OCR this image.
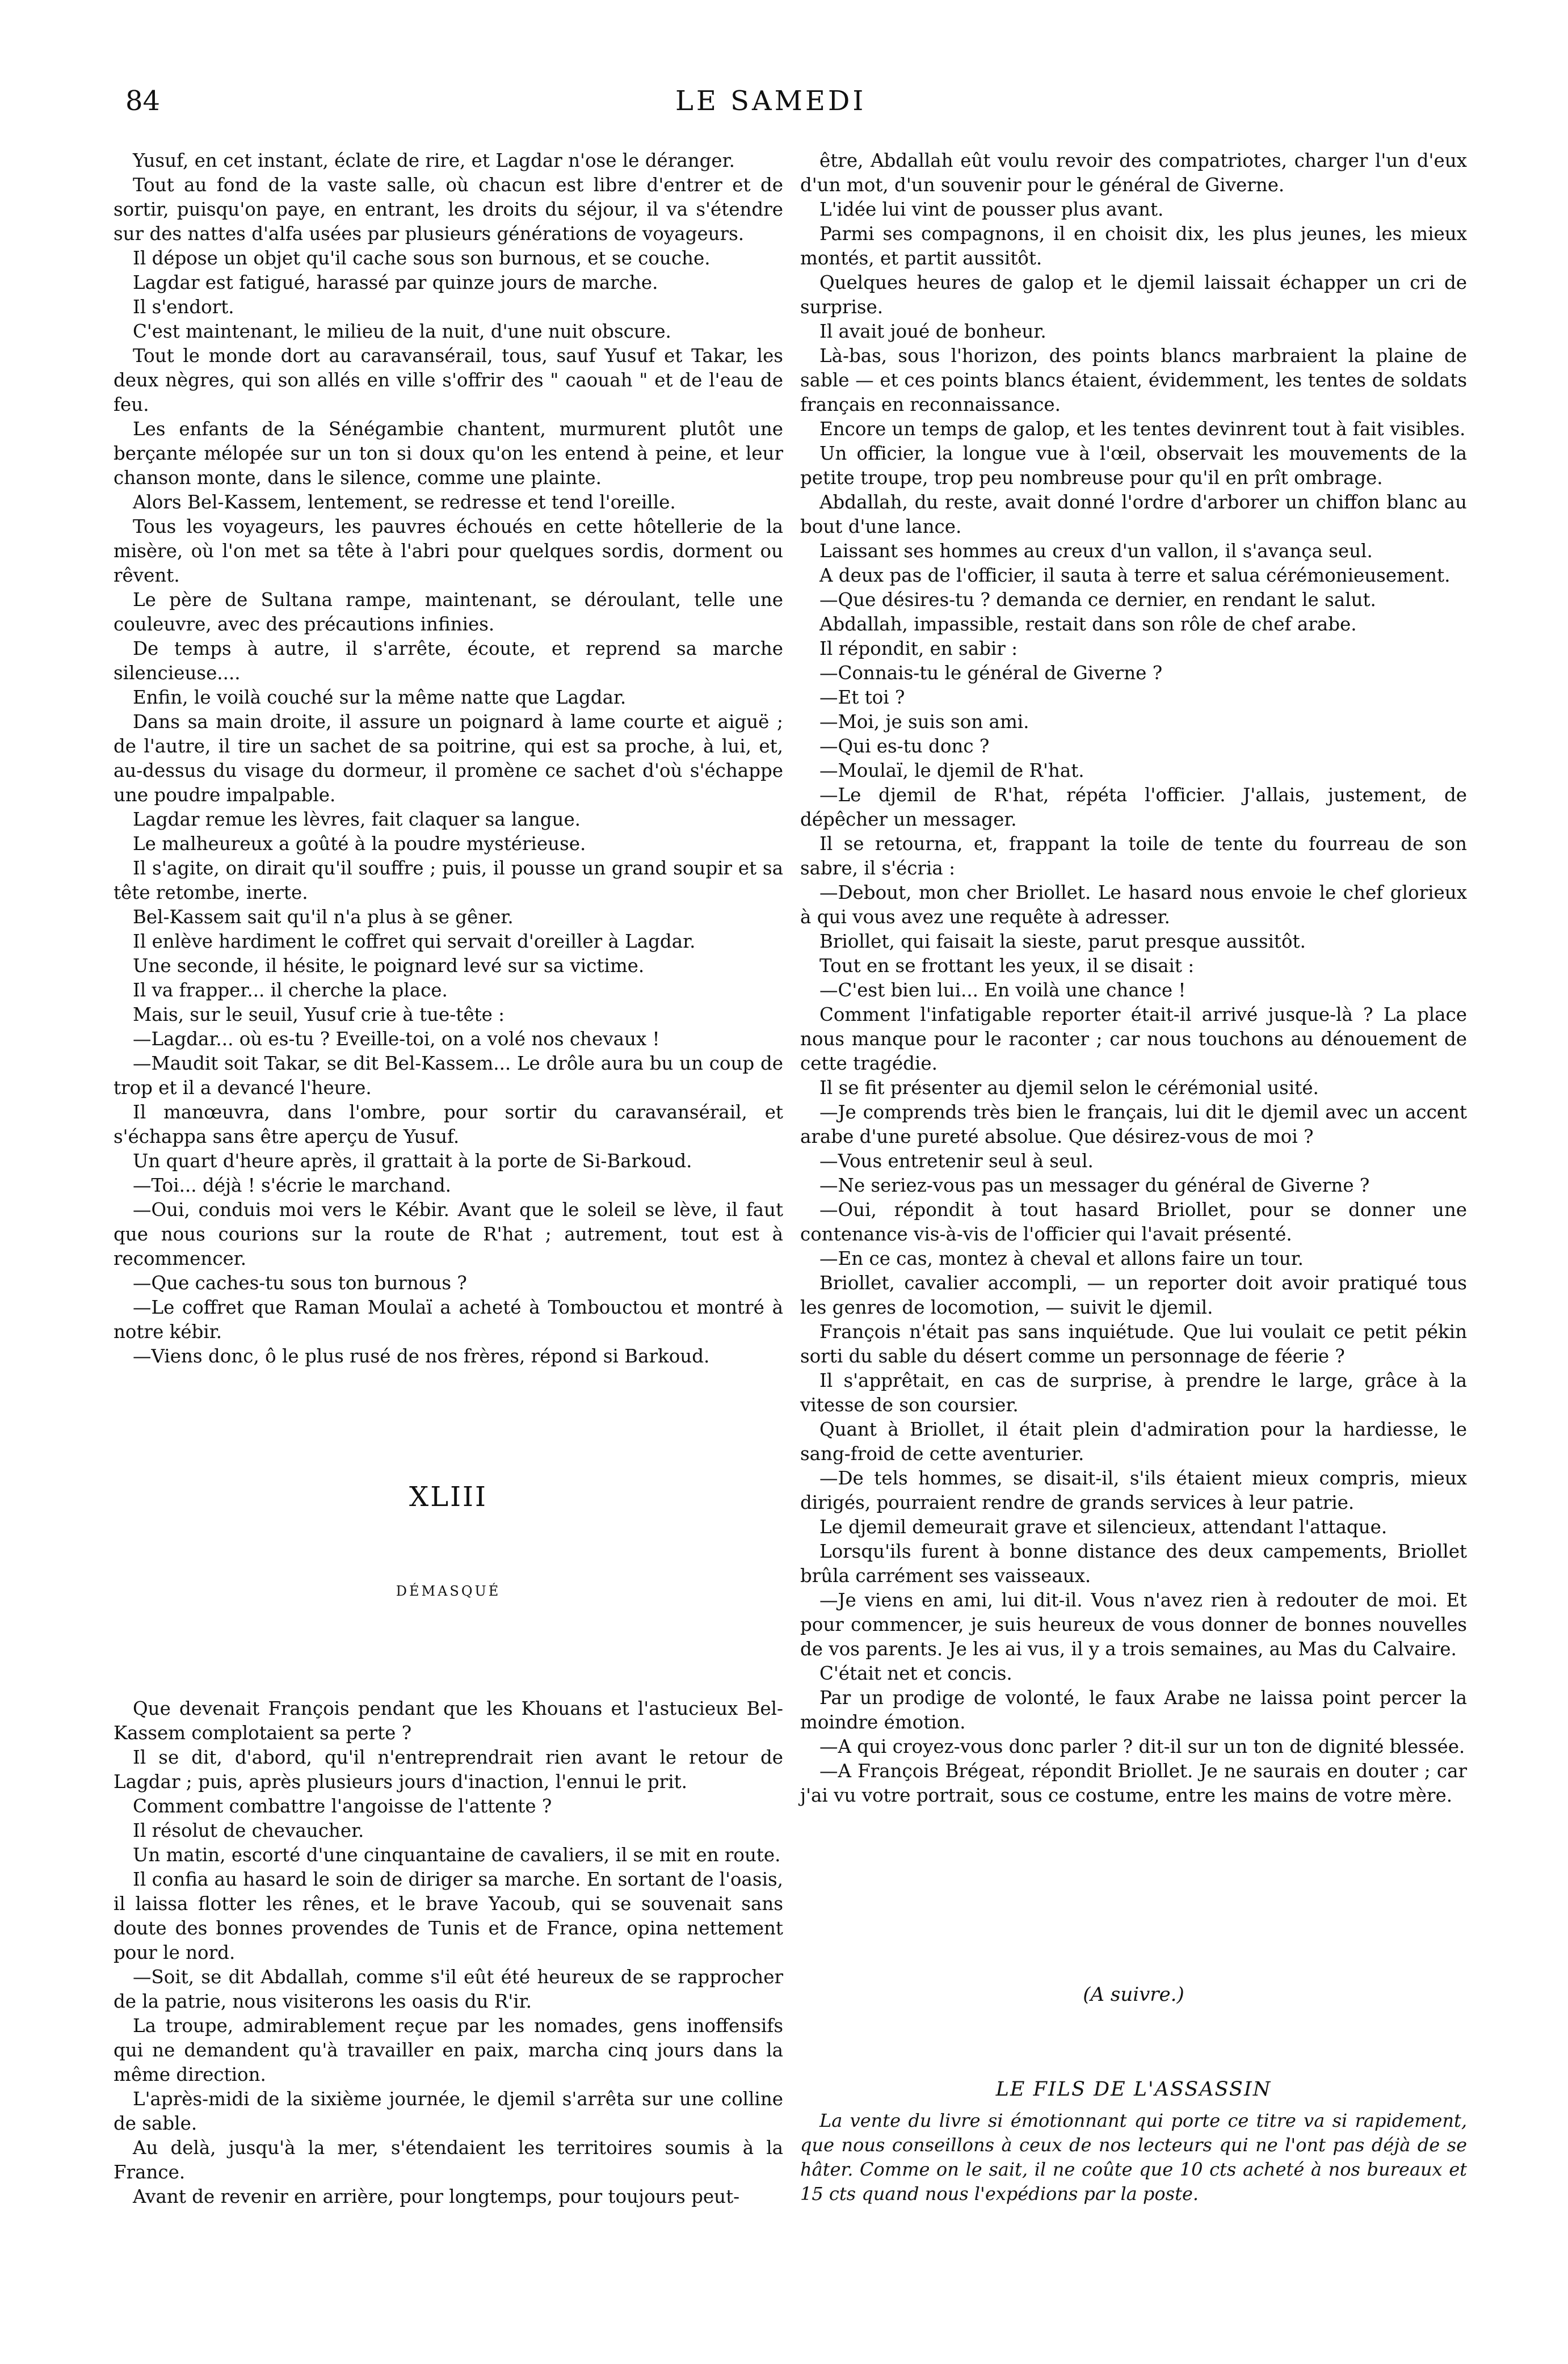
84	LE SAMEDI

Yusuf, en cet instant, éclate de rire, et Lagdar n'ose le déranger.

Tout au fond de la vaste salle, où chacun est libre d'entrer et de sortir, puisqu'on paye, en entrant, les droits du séjour, il va s'étendre sur des nattes d'alfa usées par plusieurs générations de voyageurs.

Il dépose un objet qu'il cache sous son burnous, et se couche.

Lagdar est fatigué, harassé par quinze jours de marche.

Il s'endort.

C'est maintenant, le milieu de la nuit, d'une nuit obscure.

Tout le monde dort au caravansérail, tous, sauf Yusuf et Takar, les deux nègres, qui son allés en ville s'offrir des " caouah " et de l'eau de feu.

Les enfants de la Sénégambie chantent, murmurent plutôt une berçante mélopée sur un ton si doux qu'on les entend à peine, et leur chanson monte, dans le silence, comme une plainte.

Alors Bel-Kassem, lentement, se redresse et tend l'oreille.

Tous les voyageurs, les pauvres échoués en cette hôtellerie de la misère, où l'on met sa tête à l'abri pour quelques sordis, dorment ou rêvent.

Le père de Sultana rampe, maintenant, se déroulant, telle une couleuvre, avec des précautions infinies.

De temps à autre, il s'arrête, écoute, et reprend sa marche silencieuse....

Enfin, le voilà couché sur la même natte que Lagdar.

Dans sa main droite, il assure un poignard à lame courte et aiguë ; de l'autre, il tire un sachet de sa poitrine, qui est sa proche, à lui, et, au-dessus du visage du dormeur, il promène ce sachet d'où s'échappe une poudre impalpable.

Lagdar remue les lèvres, fait claquer sa langue.

Le malheureux a goûté à la poudre mystérieuse.

Il s'agite, on dirait qu'il souffre ; puis, il pousse un grand soupir et sa tête retombe, inerte.

Bel-Kassem sait qu'il n'a plus à se gêner.

Il enlève hardiment le coffret qui servait d'oreiller à Lagdar.

Une seconde, il hésite, le poignard levé sur sa victime.

Il va frapper... il cherche la place.

Mais, sur le seuil, Yusuf crie à tue-tête :

—Lagdar... où es-tu ? Eveille-toi, on a volé nos chevaux !

—Maudit soit Takar, se dit Bel-Kassem... Le drôle aura bu un coup de trop et il a devancé l'heure.

Il manœuvra, dans l'ombre, pour sortir du caravansérail, et s'échappa sans être aperçu de Yusuf.

Un quart d'heure après, il grattait à la porte de Si-Barkoud.

—Toi... déjà ! s'écrie le marchand.

—Oui, conduis moi vers le Kébir. Avant que le soleil se lève, il faut que nous courions sur la route de R'hat ; autrement, tout est à recommencer.

—Que caches-tu sous ton burnous ?

—Le coffret que Raman Moulaï a acheté à Tombouctou et montré à notre kébir.

—Viens donc, ô le plus rusé de nos frères, répond si Barkoud.

XLIII
DÉMASQUÉ

Que devenait François pendant que les Khouans et l'astucieux Bel-Kassem complotaient sa perte ?

Il se dit, d'abord, qu'il n'entreprendrait rien avant le retour de Lagdar ; puis, après plusieurs jours d'inaction, l'ennui le prit.

Comment combattre l'angoisse de l'attente ?

Il résolut de chevaucher.

Un matin, escorté d'une cinquantaine de cavaliers, il se mit en route.

Il confia au hasard le soin de diriger sa marche. En sortant de l'oasis, il laissa flotter les rênes, et le brave Yacoub, qui se souvenait sans doute des bonnes provendes de Tunis et de France, opina nettement pour le nord.

—Soit, se dit Abdallah, comme s'il eût été heureux de se rapprocher de la patrie, nous visiterons les oasis du R'ir.

La troupe, admirablement reçue par les nomades, gens inoffensifs qui ne demandent qu'à travailler en paix, marcha cinq jours dans la même direction.

L'après-midi de la sixième journée, le djemil s'arrêta sur une colline de sable.

Au delà, jusqu'à la mer, s'étendaient les territoires soumis à la France.

Avant de revenir en arrière, pour longtemps, pour toujours peut-

être, Abdallah eût voulu revoir des compatriotes, charger l'un d'eux d'un mot, d'un souvenir pour le général de Giverne.

L'idée lui vint de pousser plus avant.

Parmi ses compagnons, il en choisit dix, les plus jeunes, les mieux montés, et partit aussitôt.

Quelques heures de galop et le djemil laissait échapper un cri de surprise.

Il avait joué de bonheur.

Là-bas, sous l'horizon, des points blancs marbraient la plaine de sable — et ces points blancs étaient, évidemment, les tentes de soldats français en reconnaissance.

Encore un temps de galop, et les tentes devinrent tout à fait visibles.

Un officier, la longue vue à l'œil, observait les mouvements de la petite troupe, trop peu nombreuse pour qu'il en prît ombrage.

Abdallah, du reste, avait donné l'ordre d'arborer un chiffon blanc au bout d'une lance.

Laissant ses hommes au creux d'un vallon, il s'avança seul.

A deux pas de l'officier, il sauta à terre et salua cérémonieusement.

—Que désires-tu ? demanda ce dernier, en rendant le salut.

Abdallah, impassible, restait dans son rôle de chef arabe.

Il répondit, en sabir :

—Connais-tu le général de Giverne ?

—Et toi ?

—Moi, je suis son ami.

—Qui es-tu donc ?

—Moulaï, le djemil de R'hat.

—Le djemil de R'hat, répéta l'officier. J'allais, justement, de dépêcher un messager.

Il se retourna, et, frappant la toile de tente du fourreau de son sabre, il s'écria :

—Debout, mon cher Briollet. Le hasard nous envoie le chef glorieux à qui vous avez une requête à adresser.

Briollet, qui faisait la sieste, parut presque aussitôt.

Tout en se frottant les yeux, il se disait :

—C'est bien lui... En voilà une chance !

Comment l'infatigable reporter était-il arrivé jusque-là ? La place nous manque pour le raconter ; car nous touchons au dénouement de cette tragédie.

Il se fit présenter au djemil selon le cérémonial usité.

—Je comprends très bien le français, lui dit le djemil avec un accent arabe d'une pureté absolue. Que désirez-vous de moi ?

—Vous entretenir seul à seul.

—Ne seriez-vous pas un messager du général de Giverne ?

—Oui, répondit à tout hasard Briollet, pour se donner une contenance vis-à-vis de l'officier qui l'avait présenté.

—En ce cas, montez à cheval et allons faire un tour.

Briollet, cavalier accompli, — un reporter doit avoir pratiqué tous les genres de locomotion, — suivit le djemil.

François n'était pas sans inquiétude. Que lui voulait ce petit pékin sorti du sable du désert comme un personnage de féerie ?

Il s'apprêtait, en cas de surprise, à prendre le large, grâce à la vitesse de son coursier.

Quant à Briollet, il était plein d'admiration pour la hardiesse, le sang-froid de cette aventurier.

—De tels hommes, se disait-il, s'ils étaient mieux compris, mieux dirigés, pourraient rendre de grands services à leur patrie.

Le djemil demeurait grave et silencieux, attendant l'attaque.

Lorsqu'ils furent à bonne distance des deux campements, Briollet brûla carrément ses vaisseaux.

—Je viens en ami, lui dit-il. Vous n'avez rien à redouter de moi. Et pour commencer, je suis heureux de vous donner de bonnes nouvelles de vos parents. Je les ai vus, il y a trois semaines, au Mas du Calvaire.

C'était net et concis.

Par un prodige de volonté, le faux Arabe ne laissa point percer la moindre émotion.

—A qui croyez-vous donc parler ? dit-il sur un ton de dignité blessée.

—A François Brégeat, répondit Briollet. Je ne saurais en douter ; car j'ai vu votre portrait, sous ce costume, entre les mains de votre mère.

(A suivre.)
LE FILS DE L'ASSASSIN

La vente du livre si émotionnant qui porte ce titre va si rapidement, que nous conseillons à ceux de nos lecteurs qui ne l'ont pas déjà de se hâter. Comme on le sait, il ne coûte que 10 cts acheté à nos bureaux et 15 cts quand nous l'expédions par la poste.
